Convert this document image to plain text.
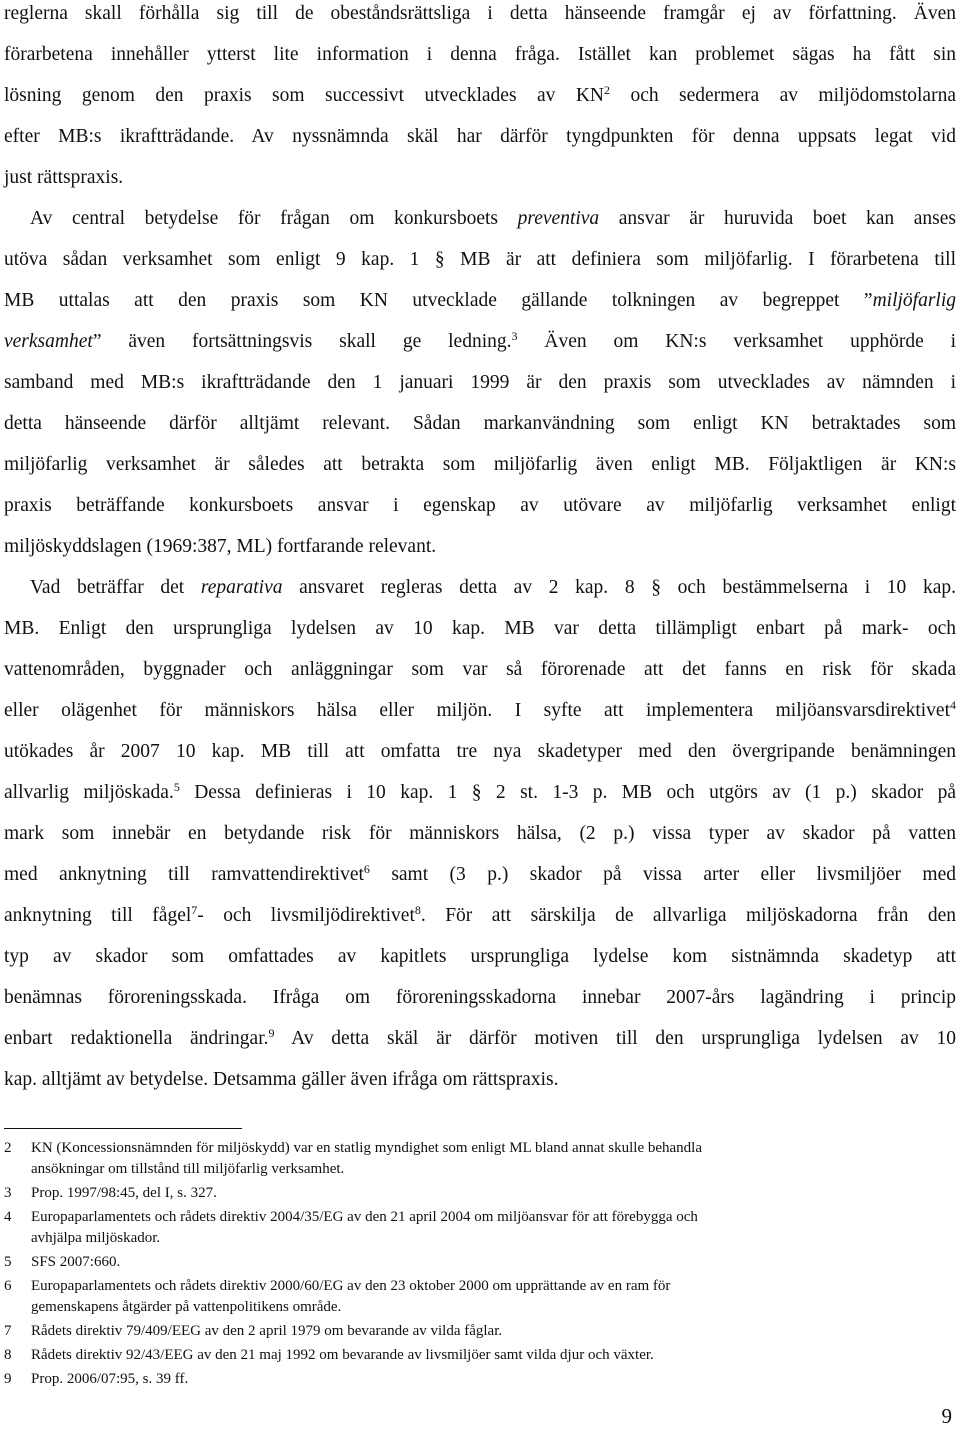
reglerna skall förhålla sig till de obeståndsrättsliga i detta hänseende framgår ej av författning. Även
förarbetena innehåller ytterst lite information i denna fråga. Istället kan problemet sägas ha fått sin
lösning genom den praxis som successivt utvecklades av $KN^2$ och sedermera av miljödomstolarna
efter MB:s ikraftträdande. Av nyssnämnda skäl har därför tyngdpunkten för denna uppsats legat vid
just rättspraxis.
Av central betydelse för frågan om konkursboets preventiva ansvar är huruvida boet kan anses
utöva sådan verksamhet som enligt 9 kap. 1 § MB är att definiera som miljöfarlig. I förarbetena till
MB uttalas att den praxis som KN utvecklade gällande tolkningen av begreppet ”miljöfarlig
verksamhet” även fortsättningsvis skall ge ledning.$^3$ Även om KN:s verksamhet upphörde i
samband med MB:s ikraftträdande den 1 januari 1999 är den praxis som utvecklades av nämnden i
detta hänseende därför alltjämt relevant. Sådan markanvändning som enligt KN betraktades som
miljöfarlig verksamhet är således att betrakta som miljöfarlig även enligt MB. Följaktligen är KN:s
praxis beträffande konkursboets ansvar i egenskap av utövare av miljöfarlig verksamhet enligt
miljöskyddslagen (1969:387, ML) fortfarande relevant.
Vad beträffar det reparativa ansvaret regleras detta av 2 kap. 8 § och bestämmelserna i 10 kap.
MB. Enligt den ursprungliga lydelsen av 10 kap. MB var detta tillämpligt enbart på mark- och
vattenområden, byggnader och anläggningar som var så förorenade att det fanns en risk för skada
eller olägenhet för människors hälsa eller miljön. I syfte att implementera miljöansvarsdirektivet$^4$
utökades år 2007 10 kap. MB till att omfatta tre nya skadetyper med den övergripande benämningen
allvarlig miljöskada.$^5$ Dessa definieras i 10 kap. 1 § 2 st. 1-3 p. MB och utgörs av (1 p.) skador på
mark som innebär en betydande risk för människors hälsa, (2 p.) vissa typer av skador på vatten
med anknytning till ramvattendirektivet$^6$ samt (3 p.) skador på vissa arter eller livsmiljöer med
anknytning till fågel$^7$- och livsmiljödirektivet$^8$. För att särskilja de allvarliga miljöskadorna från den
typ av skador som omfattades av kapitlets ursprungliga lydelse kom sistnämnda skadetyp att
benämnas föroreningsskada. Ifråga om föroreningsskadorna innebar 2007-års lagändring i princip
enbart redaktionella ändringar.$^9$ Av detta skäl är därför motiven till den ursprungliga lydelsen av 10
kap. alltjämt av betydelse. Detsamma gäller även ifråga om rättspraxis.
2 KN (Koncessionsnämnden för miljöskydd) var en statlig myndighet som enligt ML bland annat skulle behandla
ansökningar om tillstånd till miljöfarlig verksamhet.
3 Prop. 1997/98:45, del I, s. 327.
4 Europaparlamentets och rådets direktiv 2004/35/EG av den 21 april 2004 om miljöansvar för att förebygga och
avhjälpa miljöskador.
5 SFS 2007:660.
6 Europaparlamentets och rådets direktiv 2000/60/EG av den 23 oktober 2000 om upprättande av en ram för
gemenskapens åtgärder på vattenpolitikens område.
7 Rådets direktiv 79/409/EEG av den 2 april 1979 om bevarande av vilda fåglar.
8 Rådets direktiv 92/43/EEG av den 21 maj 1992 om bevarande av livsmiljöer samt vilda djur och växter.
9 Prop. 2006/07:95, s. 39 ff.
9
